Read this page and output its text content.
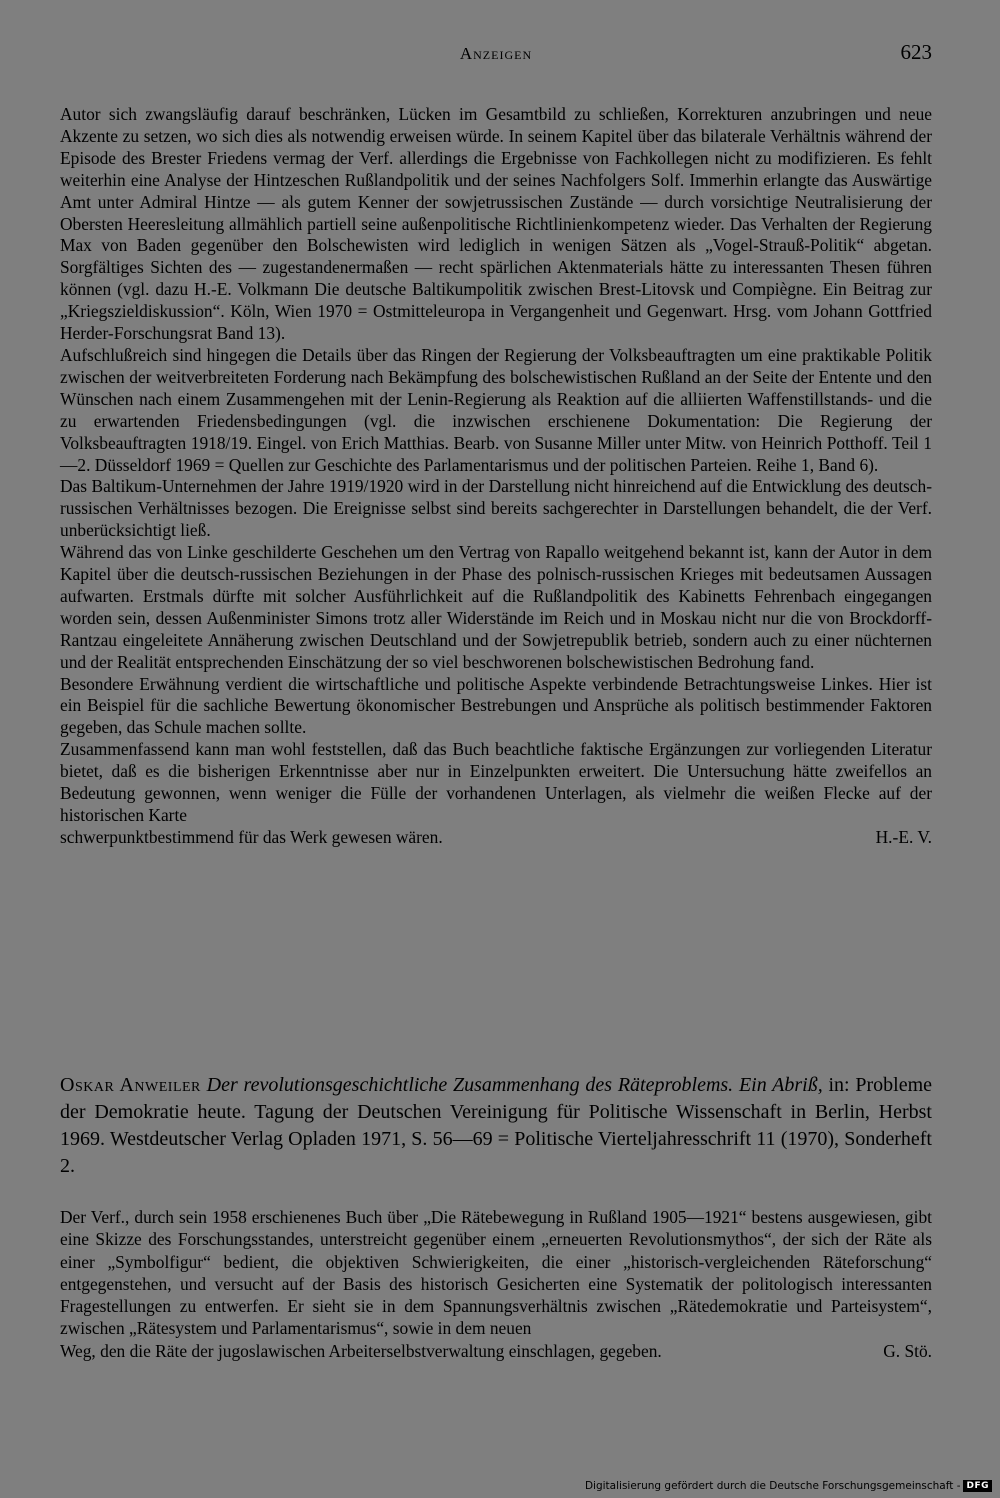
Anzeigen	623

Autor sich zwangsläufig darauf beschränken, Lücken im Gesamtbild zu schließen, Korrekturen anzubringen und neue Akzente zu setzen, wo sich dies als notwendig erweisen würde. In seinem Kapitel über das bilaterale Verhältnis während der Episode des Brester Friedens vermag der Verf. allerdings die Ergebnisse von Fachkollegen nicht zu modifizieren. Es fehlt weiterhin eine Analyse der Hintzeschen Rußlandpolitik und der seines Nachfolgers Solf. Immerhin erlangte das Auswärtige Amt unter Admiral Hintze — als gutem Kenner der sowjetrussischen Zustände — durch vorsichtige Neutralisierung der Obersten Heeresleitung allmählich partiell seine außenpolitische Richtlinienkompetenz wieder. Das Verhalten der Regierung Max von Baden gegenüber den Bolschewisten wird lediglich in wenigen Sätzen als „Vogel-Strauß-Politik“ abgetan. Sorgfältiges Sichten des — zugestandenermaßen — recht spärlichen Aktenmaterials hätte zu interessanten Thesen führen können (vgl. dazu H.-E. Volkmann Die deutsche Baltikumpolitik zwischen Brest-Litovsk und Compiègne. Ein Beitrag zur „Kriegszieldiskussion“. Köln, Wien 1970 = Ostmitteleuropa in Vergangenheit und Gegenwart. Hrsg. vom Johann Gottfried Herder-Forschungsrat Band 13).

Aufschlußreich sind hingegen die Details über das Ringen der Regierung der Volksbeauftragten um eine praktikable Politik zwischen der weitverbreiteten Forderung nach Bekämpfung des bolschewistischen Rußland an der Seite der Entente und den Wünschen nach einem Zusammengehen mit der Lenin-Regierung als Reaktion auf die alliierten Waffenstillstands- und die zu erwartenden Friedensbedingungen (vgl. die inzwischen erschienene Dokumentation: Die Regierung der Volksbeauftragten 1918/19. Eingel. von Erich Matthias. Bearb. von Susanne Miller unter Mitw. von Heinrich Potthoff. Teil 1—2. Düsseldorf 1969 = Quellen zur Geschichte des Parlamentarismus und der politischen Parteien. Reihe 1, Band 6).

Das Baltikum-Unternehmen der Jahre 1919/1920 wird in der Darstellung nicht hinreichend auf die Entwicklung des deutsch-russischen Verhältnisses bezogen. Die Ereignisse selbst sind bereits sachgerechter in Darstellungen behandelt, die der Verf. unberücksichtigt ließ.

Während das von Linke geschilderte Geschehen um den Vertrag von Rapallo weitgehend bekannt ist, kann der Autor in dem Kapitel über die deutsch-russischen Beziehungen in der Phase des polnisch-russischen Krieges mit bedeutsamen Aussagen aufwarten. Erstmals dürfte mit solcher Ausführlichkeit auf die Rußlandpolitik des Kabinetts Fehrenbach eingegangen worden sein, dessen Außenminister Simons trotz aller Widerstände im Reich und in Moskau nicht nur die von Brockdorff-Rantzau eingeleitete Annäherung zwischen Deutschland und der Sowjetrepublik betrieb, sondern auch zu einer nüchternen und der Realität entsprechenden Einschätzung der so viel beschworenen bolschewistischen Bedrohung fand.

Besondere Erwähnung verdient die wirtschaftliche und politische Aspekte verbindende Betrachtungsweise Linkes. Hier ist ein Beispiel für die sachliche Bewertung ökonomischer Bestrebungen und Ansprüche als politisch bestimmender Faktoren gegeben, das Schule machen sollte.

Zusammenfassend kann man wohl feststellen, daß das Buch beachtliche faktische Ergänzungen zur vorliegenden Literatur bietet, daß es die bisherigen Erkenntnisse aber nur in Einzelpunkten erweitert. Die Untersuchung hätte zweifellos an Bedeutung gewonnen, wenn weniger die Fülle der vorhandenen Unterlagen, als vielmehr die weißen Flecke auf der historischen Karte

schwerpunktbestimmend für das Werk gewesen wären.	H.-E. V.
Oskar Anweiler Der revolutionsgeschichtliche Zusammenhang des Räteproblems. Ein Abriß, in: Probleme der Demokratie heute. Tagung der Deutschen Vereinigung für Politische Wissenschaft in Berlin, Herbst 1969. Westdeutscher Verlag Opladen 1971, S. 56—69 = Politische Vierteljahresschrift 11 (1970), Sonderheft 2.

Der Verf., durch sein 1958 erschienenes Buch über „Die Rätebewegung in Rußland 1905—1921“ bestens ausgewiesen, gibt eine Skizze des Forschungsstandes, unterstreicht gegenüber einem „erneuerten Revolutionsmythos“, der sich der Räte als einer „Symbolfigur“ bedient, die objektiven Schwierigkeiten, die einer „historisch-vergleichenden Räteforschung“ entgegenstehen, und versucht auf der Basis des historisch Gesicherten eine Systematik der politologisch interessanten Fragestellungen zu entwerfen. Er sieht sie in dem Spannungsverhältnis zwischen „Rätedemokratie und Parteisystem“, zwischen „Rätesystem und Parlamentarismus“, sowie in dem neuen

Weg, den die Räte der jugoslawischen Arbeiterselbstverwaltung einschlagen, gegeben.	G. Stö.
Digitalisierung gefördert durch die Deutsche Forschungsgemeinschaft - DFG
